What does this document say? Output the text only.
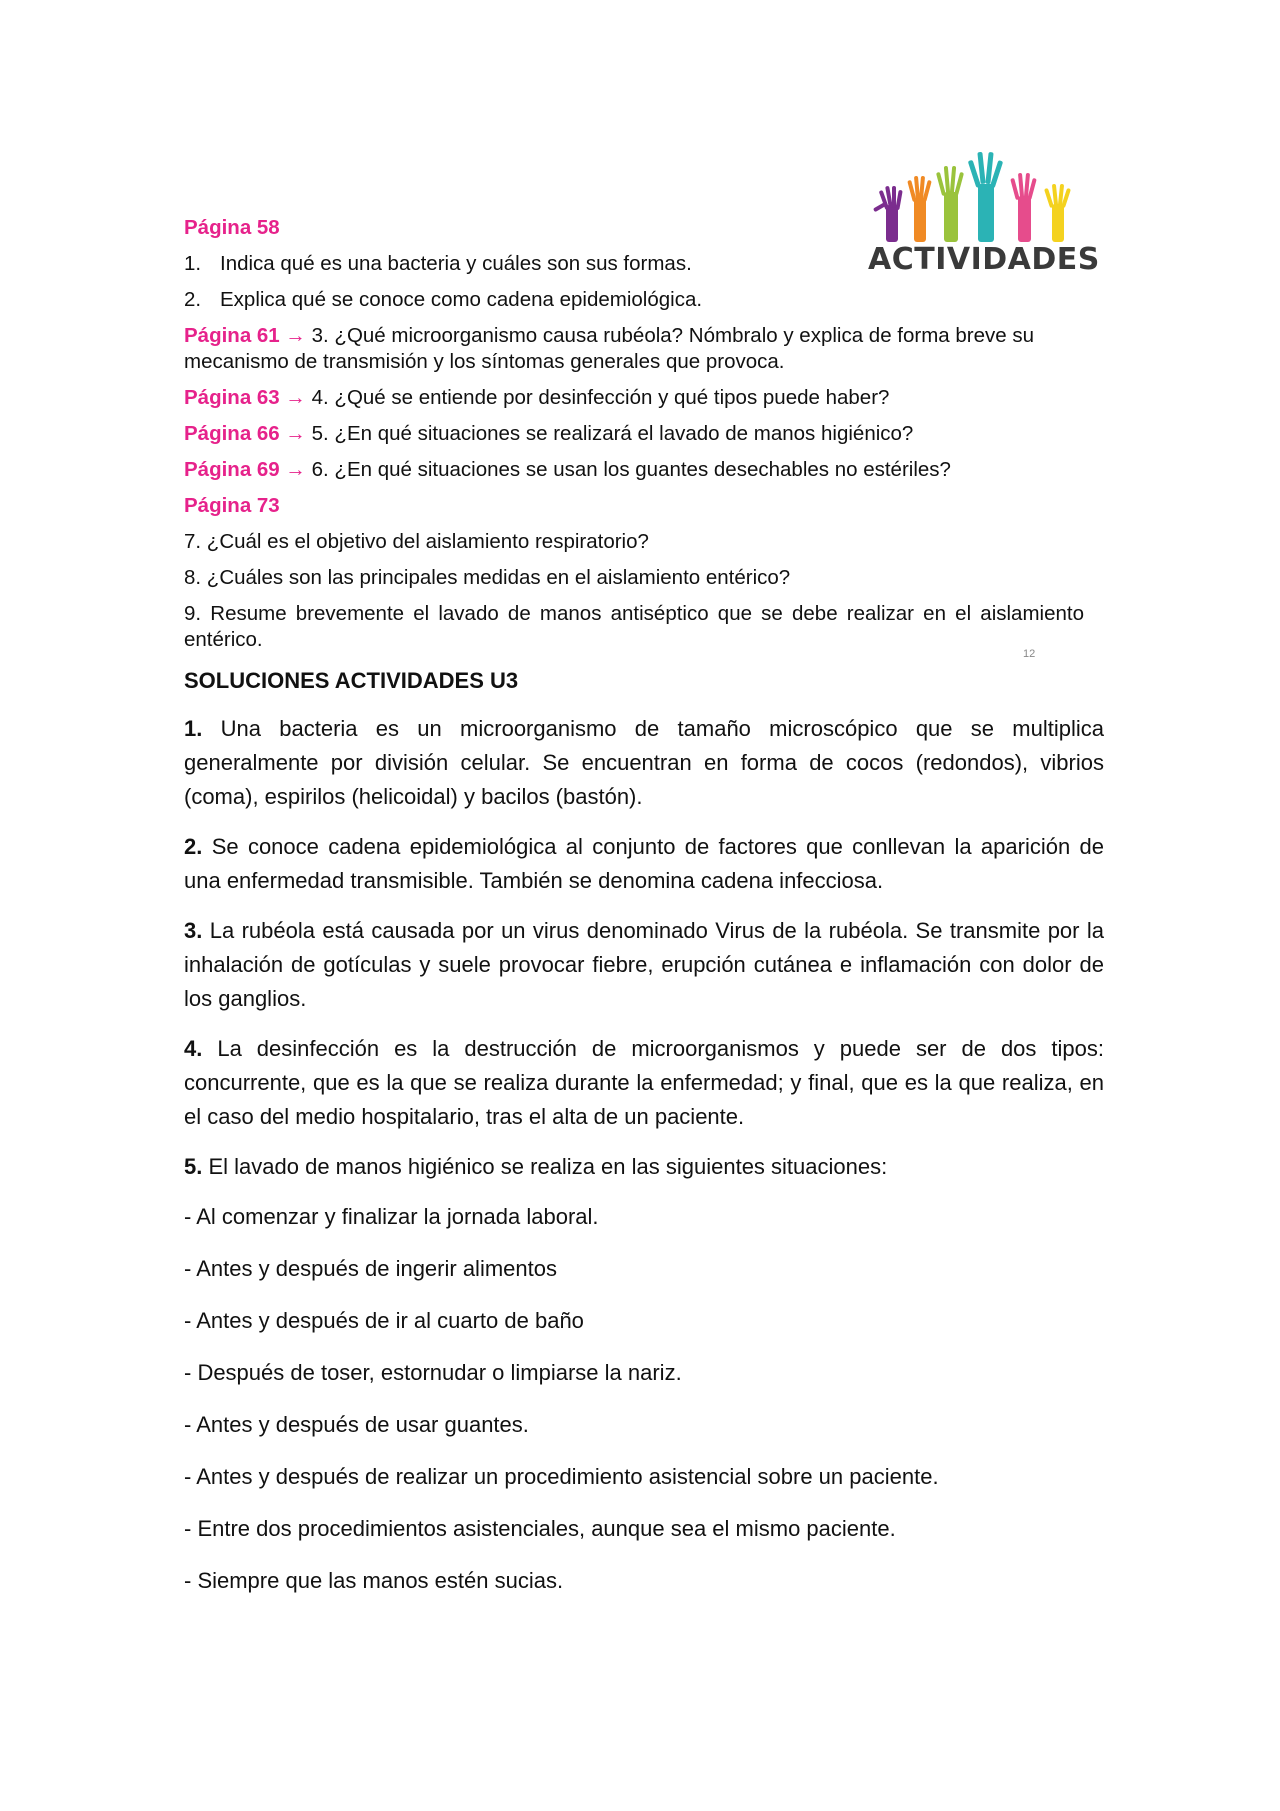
ACTIVIDADES
Página 58
1. Indica qué es una bacteria y cuáles son sus formas.
2. Explica qué se conoce como cadena epidemiológica.
Página 61 → 3. ¿Qué microorganismo causa rubéola? Nómbralo y explica de forma breve su mecanismo de transmisión y los síntomas generales que provoca.
Página 63 → 4. ¿Qué se entiende por desinfección y qué tipos puede haber?
Página 66 → 5. ¿En qué situaciones se realizará el lavado de manos higiénico?
Página 69 → 6. ¿En qué situaciones se usan los guantes desechables no estériles?
Página 73
7. ¿Cuál es el objetivo del aislamiento respiratorio?
8. ¿Cuáles son las principales medidas en el aislamiento entérico?
9. Resume brevemente el lavado de manos antiséptico que se debe realizar en el aislamiento entérico.
12
SOLUCIONES ACTIVIDADES U3

1. Una bacteria es un microorganismo de tamaño microscópico que se multiplica generalmente por división celular. Se encuentran en forma de cocos (redondos), vibrios (coma), espirilos (helicoidal) y bacilos (bastón).

2. Se conoce cadena epidemiológica al conjunto de factores que conllevan la aparición de una enfermedad transmisible. También se denomina cadena infecciosa.

3. La rubéola está causada por un virus denominado Virus de la rubéola. Se transmite por la inhalación de gotículas y suele provocar fiebre, erupción cutánea e inflamación con dolor de los ganglios.

4. La desinfección es la destrucción de microorganismos y puede ser de dos tipos: concurrente, que es la que se realiza durante la enfermedad; y final, que es la que realiza, en el caso del medio hospitalario, tras el alta de un paciente.

5. El lavado de manos higiénico se realiza en las siguientes situaciones:

- Al comenzar y finalizar la jornada laboral.
- Antes y después de ingerir alimentos
- Antes y después de ir al cuarto de baño
- Después de toser, estornudar o limpiarse la nariz.
- Antes y después de usar guantes.
- Antes y después de realizar un procedimiento asistencial sobre un paciente.
- Entre dos procedimientos asistenciales, aunque sea el mismo paciente.
- Siempre que las manos estén sucias.
